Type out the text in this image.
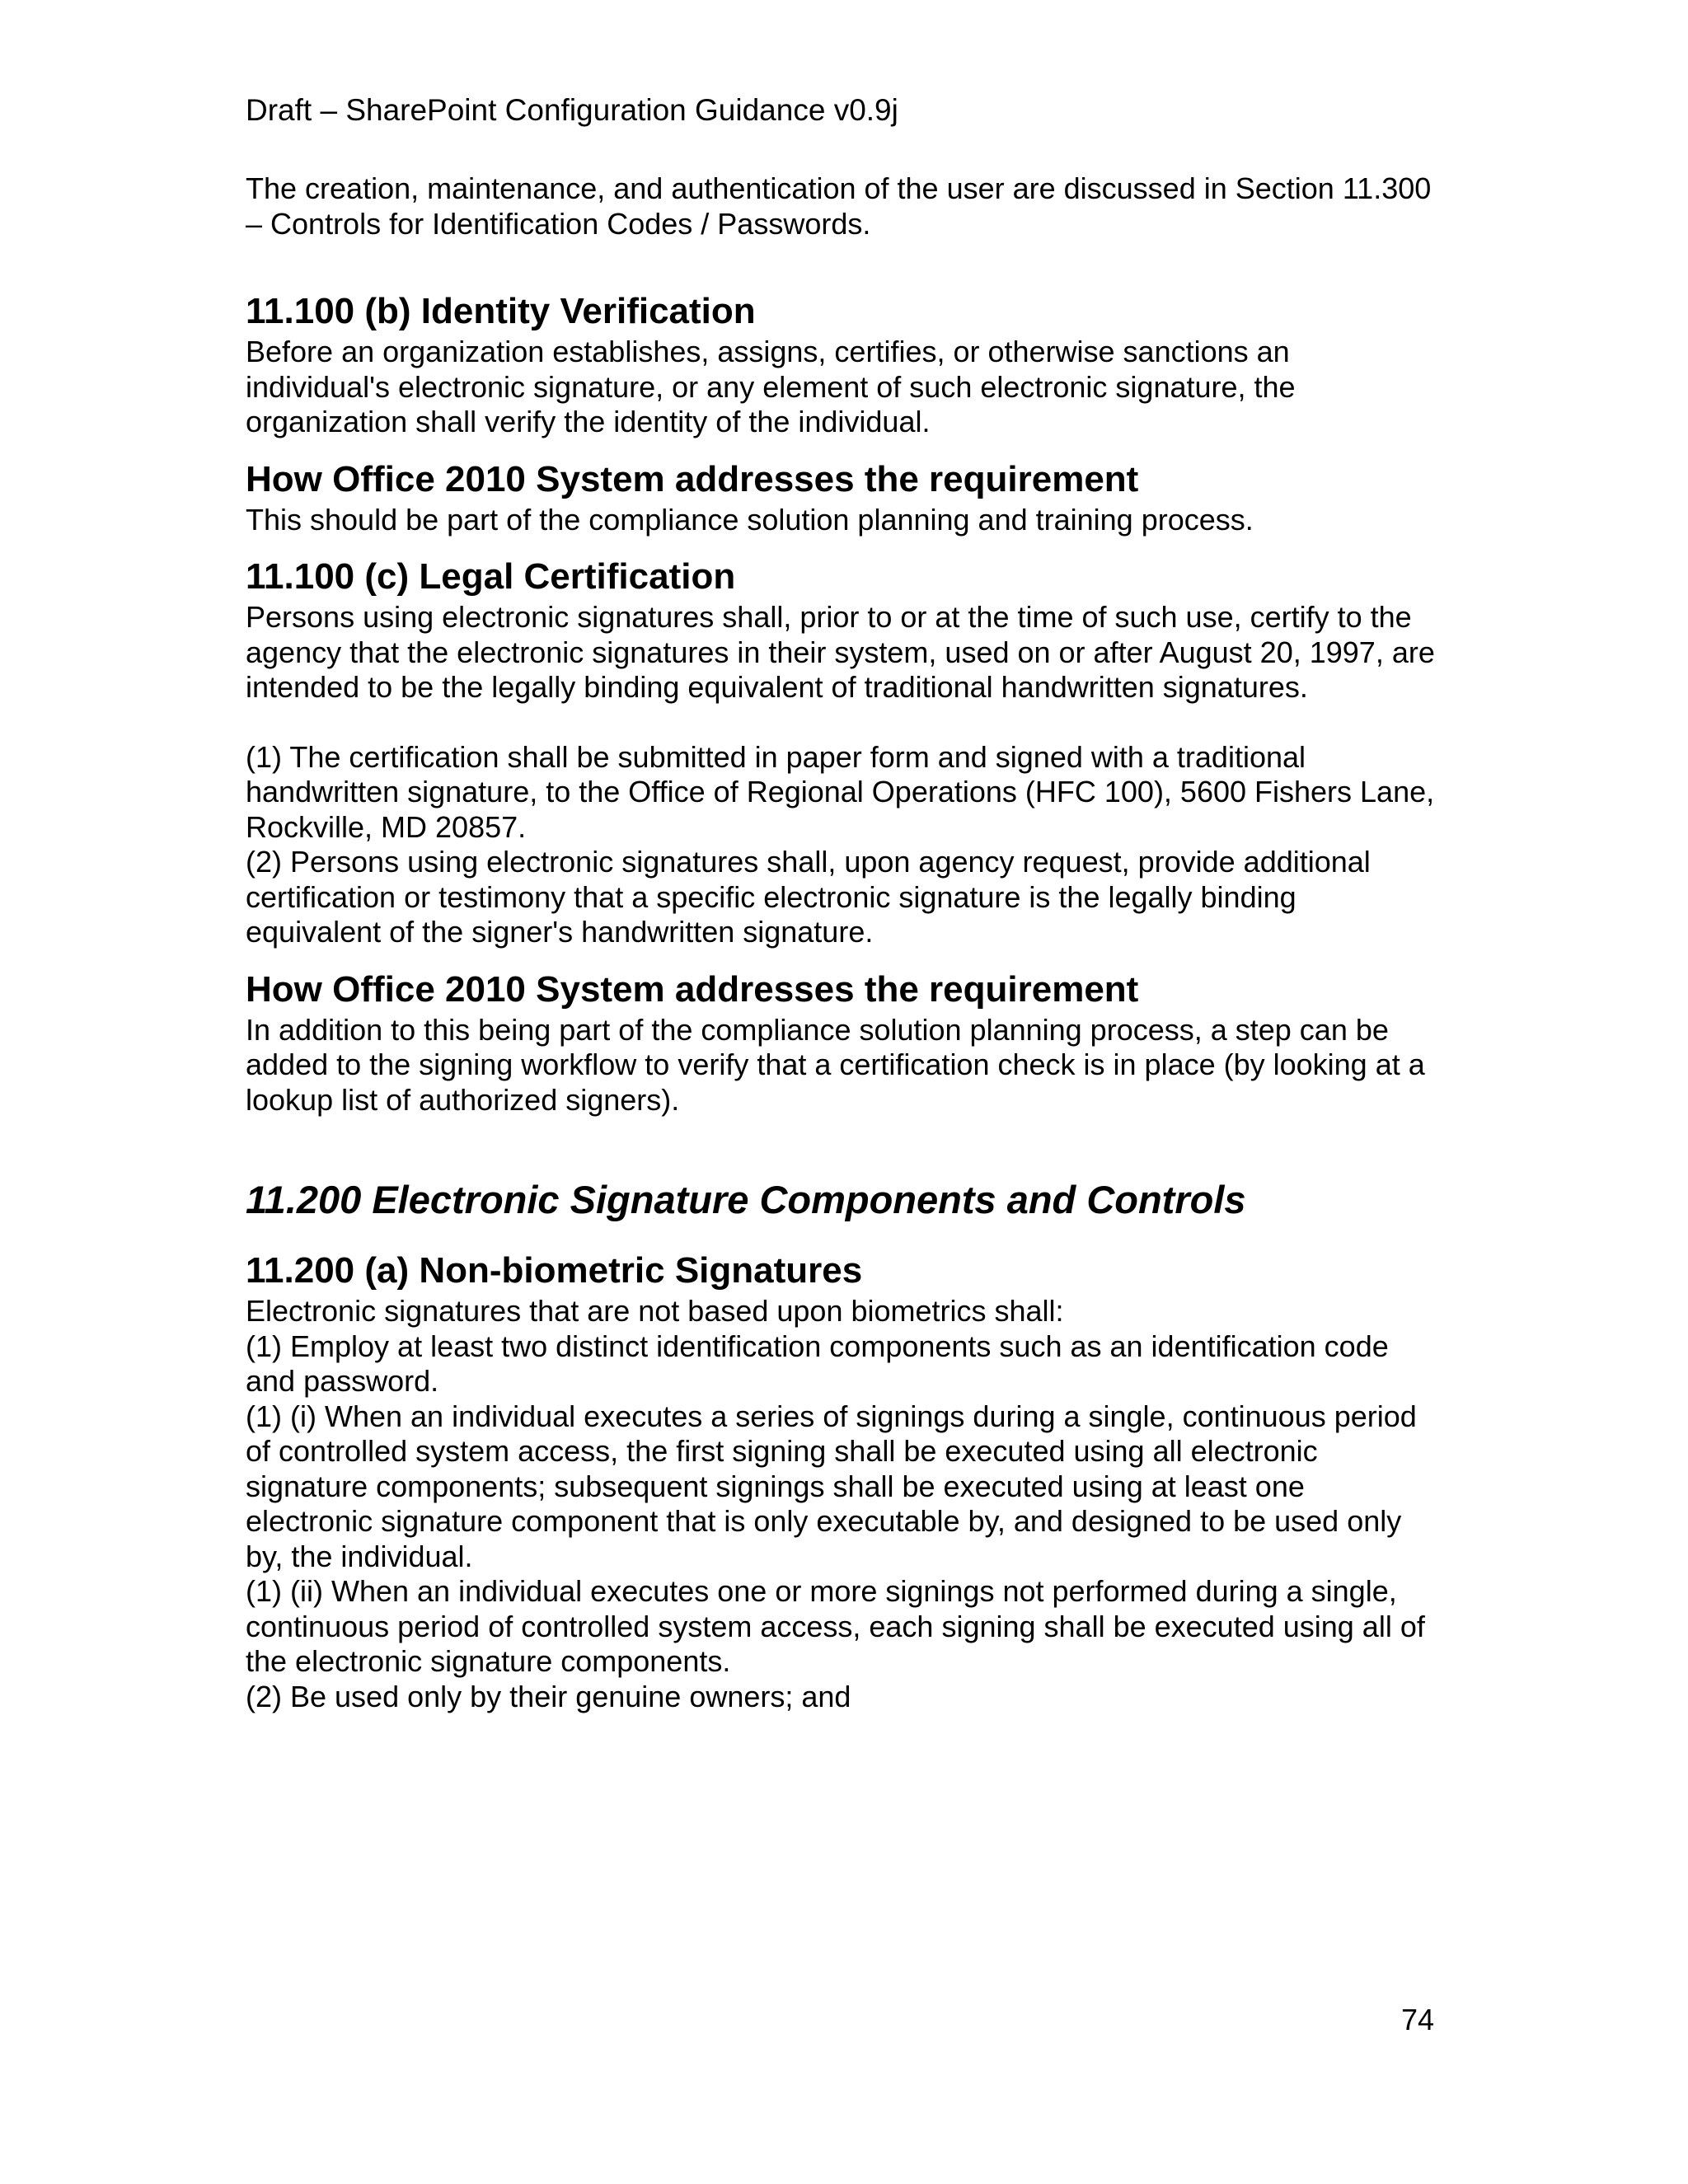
Draft – SharePoint Configuration Guidance v0.9j

The creation, maintenance, and authentication of the user are discussed in Section 11.300 – Controls for Identification Codes / Passwords.

11.100 (b) Identity Verification

Before an organization establishes, assigns, certifies, or otherwise sanctions an individual's electronic signature, or any element of such electronic signature, the organization shall verify the identity of the individual.

How Office 2010 System addresses the requirement

This should be part of the compliance solution planning and training process.

11.100 (c) Legal Certification

Persons using electronic signatures shall, prior to or at the time of such use, certify to the agency that the electronic signatures in their system, used on or after August 20, 1997, are intended to be the legally binding equivalent of traditional handwritten signatures.

(1) The certification shall be submitted in paper form and signed with a traditional handwritten signature, to the Office of Regional Operations (HFC 100), 5600 Fishers Lane, Rockville, MD 20857.

(2) Persons using electronic signatures shall, upon agency request, provide additional certification or testimony that a specific electronic signature is the legally binding equivalent of the signer's handwritten signature.

How Office 2010 System addresses the requirement

In addition to this being part of the compliance solution planning process, a step can be added to the signing workflow to verify that a certification check is in place (by looking at a lookup list of authorized signers).

11.200 Electronic Signature Components and Controls
11.200 (a) Non-biometric Signatures

Electronic signatures that are not based upon biometrics shall:

(1) Employ at least two distinct identification components such as an identification code and password.

(1) (i) When an individual executes a series of signings during a single, continuous period of controlled system access, the first signing shall be executed using all electronic signature components; subsequent signings shall be executed using at least one electronic signature component that is only executable by, and designed to be used only by, the individual.

(1) (ii) When an individual executes one or more signings not performed during a single, continuous period of controlled system access, each signing shall be executed using all of the electronic signature components.

(2) Be used only by their genuine owners; and

74
